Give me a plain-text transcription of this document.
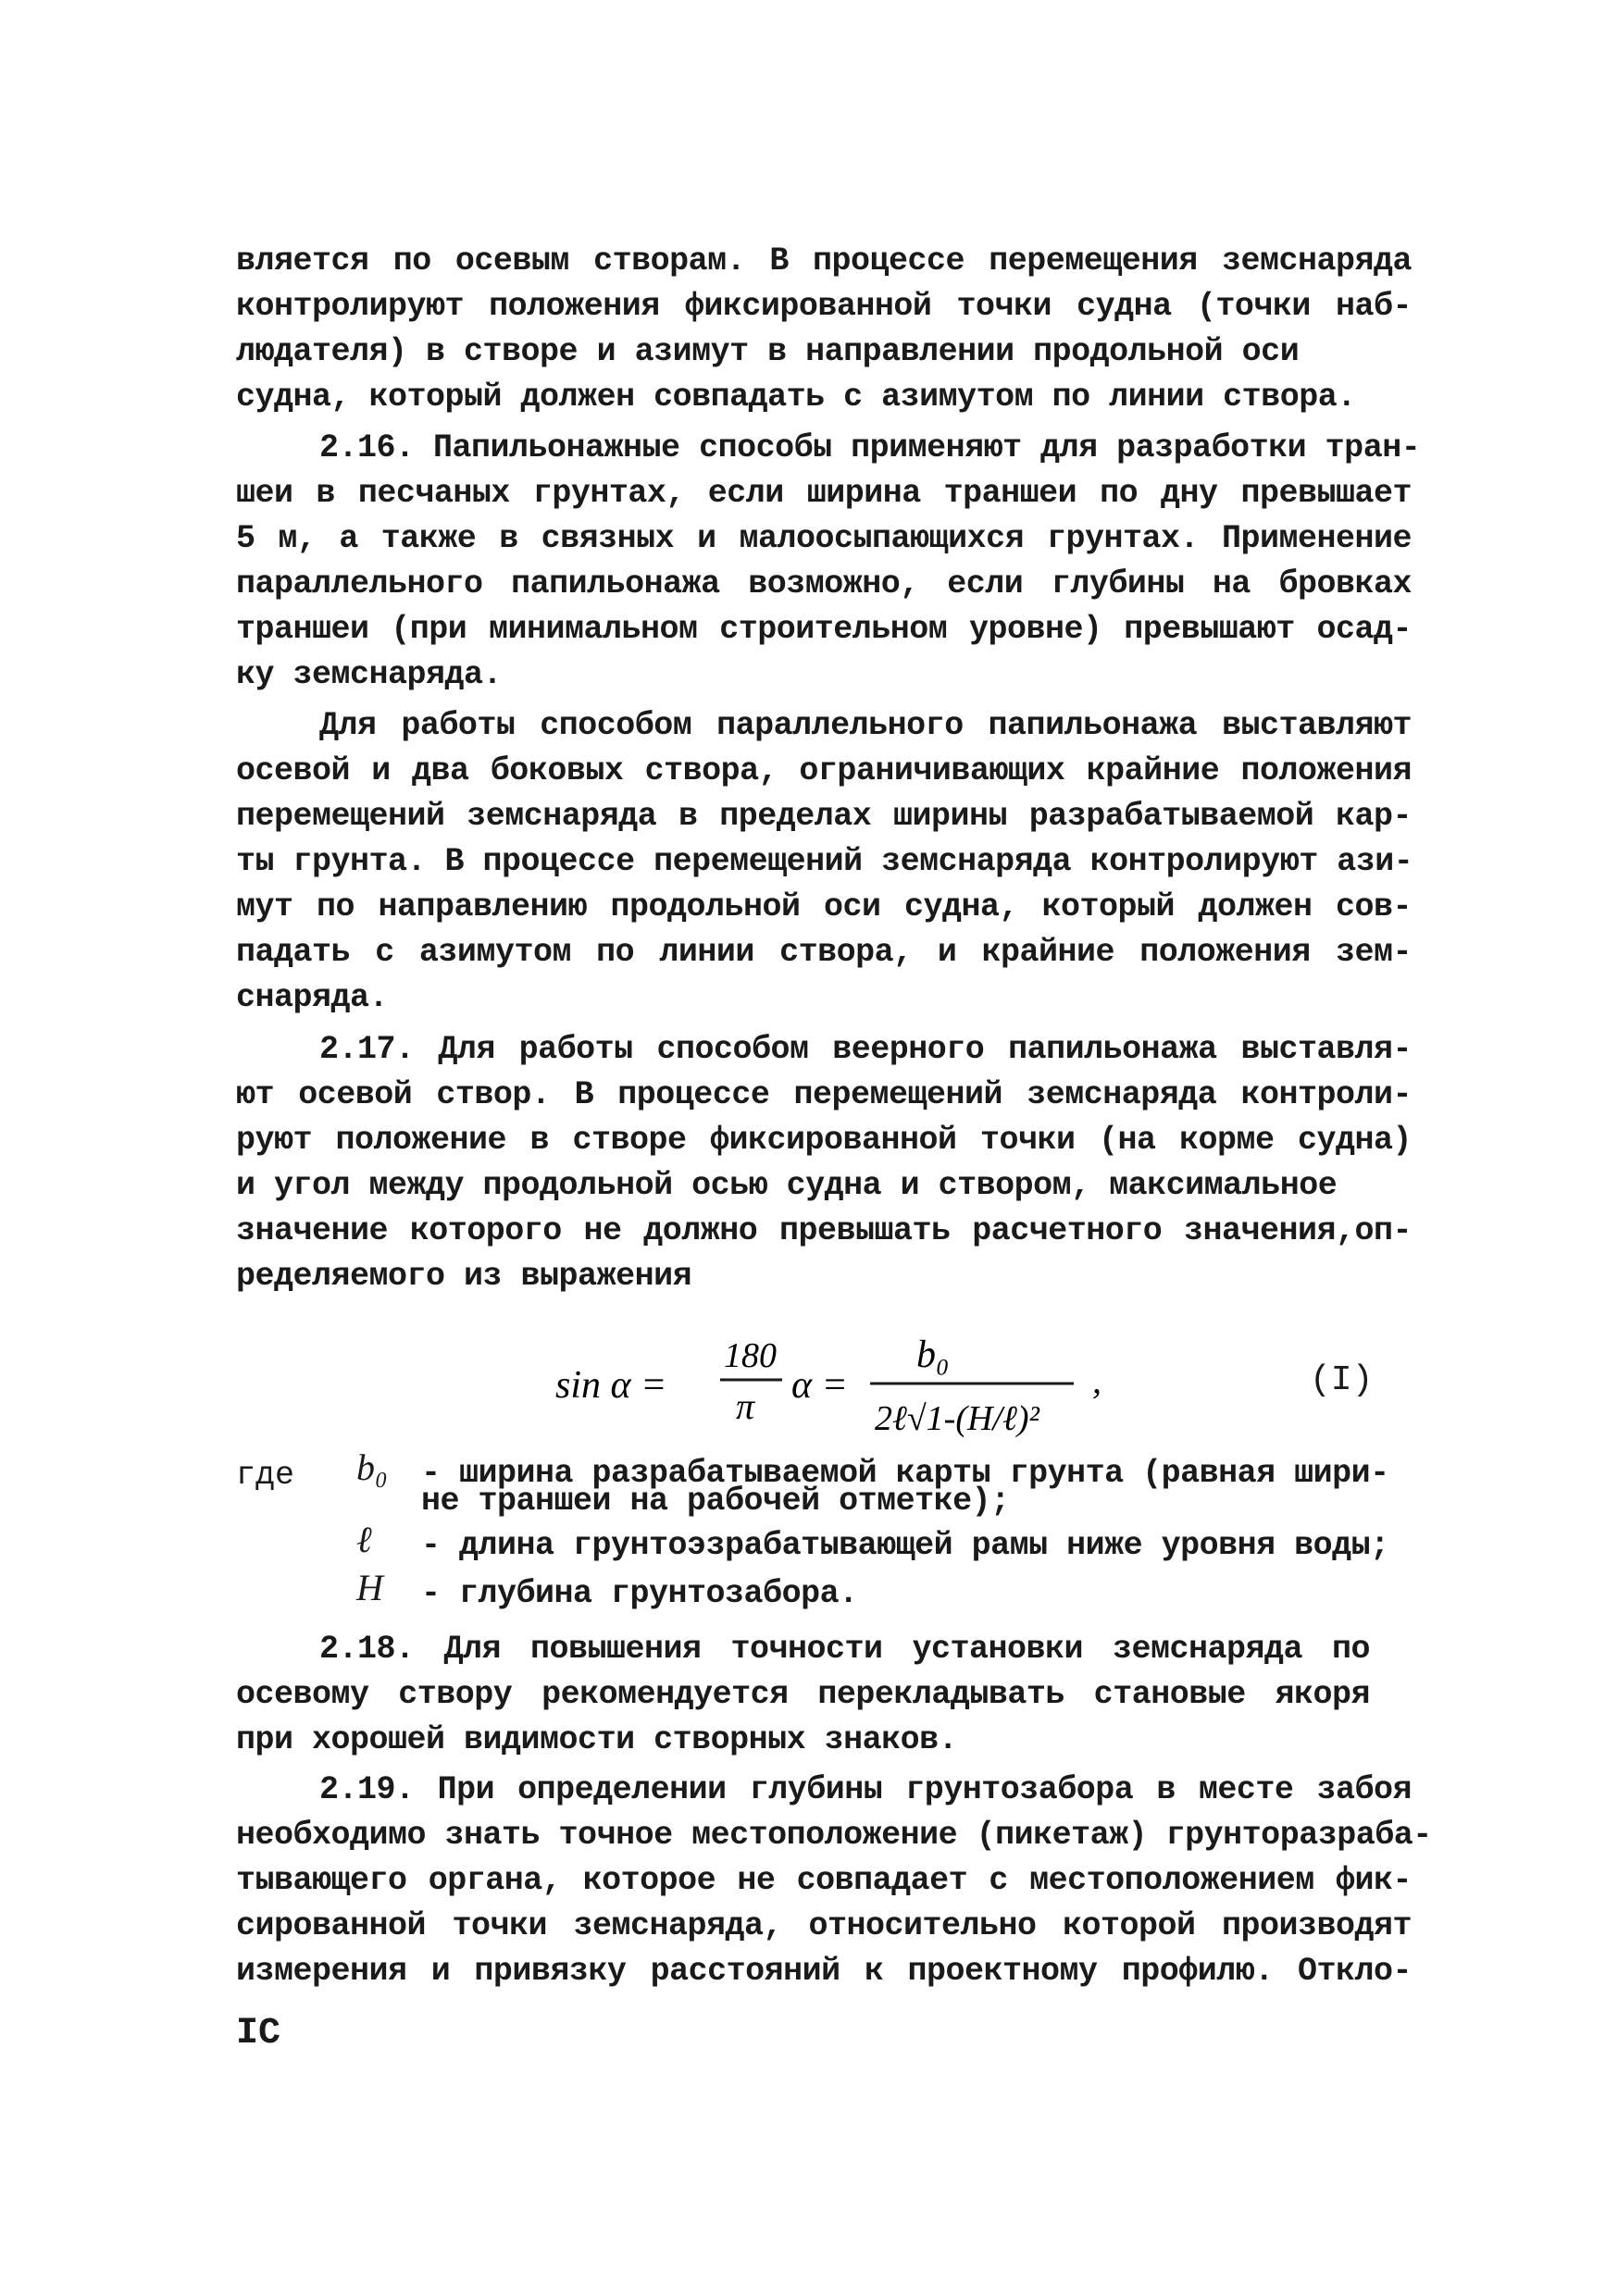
вляется по осевым створам. В процессе перемещения земснаряда
контролируют положения фиксированной точки судна (точки наб-
людателя) в створе и азимут в направлении продольной оси
судна, который должен совпадать с азимутом по линии створа.
2.16. Папильонажные способы применяют для разработки тран-
шеи в песчаных грунтах, если ширина траншеи по дну превышает
5 м, а также в связных и малоосыпающихся грунтах. Применение
параллельного папильонажа возможно, если глубины на бровках
траншеи (при минимальном строительном уровне) превышают осад-
ку земснаряда.
Для работы способом параллельного папильонажа выставляют
осевой и два боковых створа, ограничивающих крайние положения
перемещений земснаряда в пределах ширины разрабатываемой кар-
ты грунта. В процессе перемещений земснаряда контролируют ази-
мут по направлению продольной оси судна, который должен сов-
падать с азимутом по линии створа, и крайние положения зем-
снаряда.
2.17. Для работы способом веерного папильонажа выставля-
ют осевой створ. В процессе перемещений земснаряда контроли-
руют положение в створе фиксированной точки (на корме судна)
и угол между продольной осью судна и створом, максимальное
значение которого не должно превышать расчетного значения,оп-
ределяемого из выражения
sin α =
180
π α =
b₀
2ℓ√1-(H/ℓ)²
,	(I)
где b₀ - ширина разрабатываемой карты грунта (равная шири-
не траншеи на рабочей отметке);
ℓ - длина грунтоэзрабатывающей рамы ниже уровня воды;
H - глубина грунтозабора.
2.18. Для повышения точности установки земснаряда по
осевому створу рекомендуется перекладывать становые якоря
при хорошей видимости створных знаков.
2.19. При определении глубины грунтозабора в месте забоя
необходимо знать точное местоположение (пикетаж) грунторазраба-
тывающего органа, которое не совпадает с местоположением фик-
сированной точки земснаряда, относительно которой производят
измерения и привязку расстояний к проектному профилю. Откло-
IC
